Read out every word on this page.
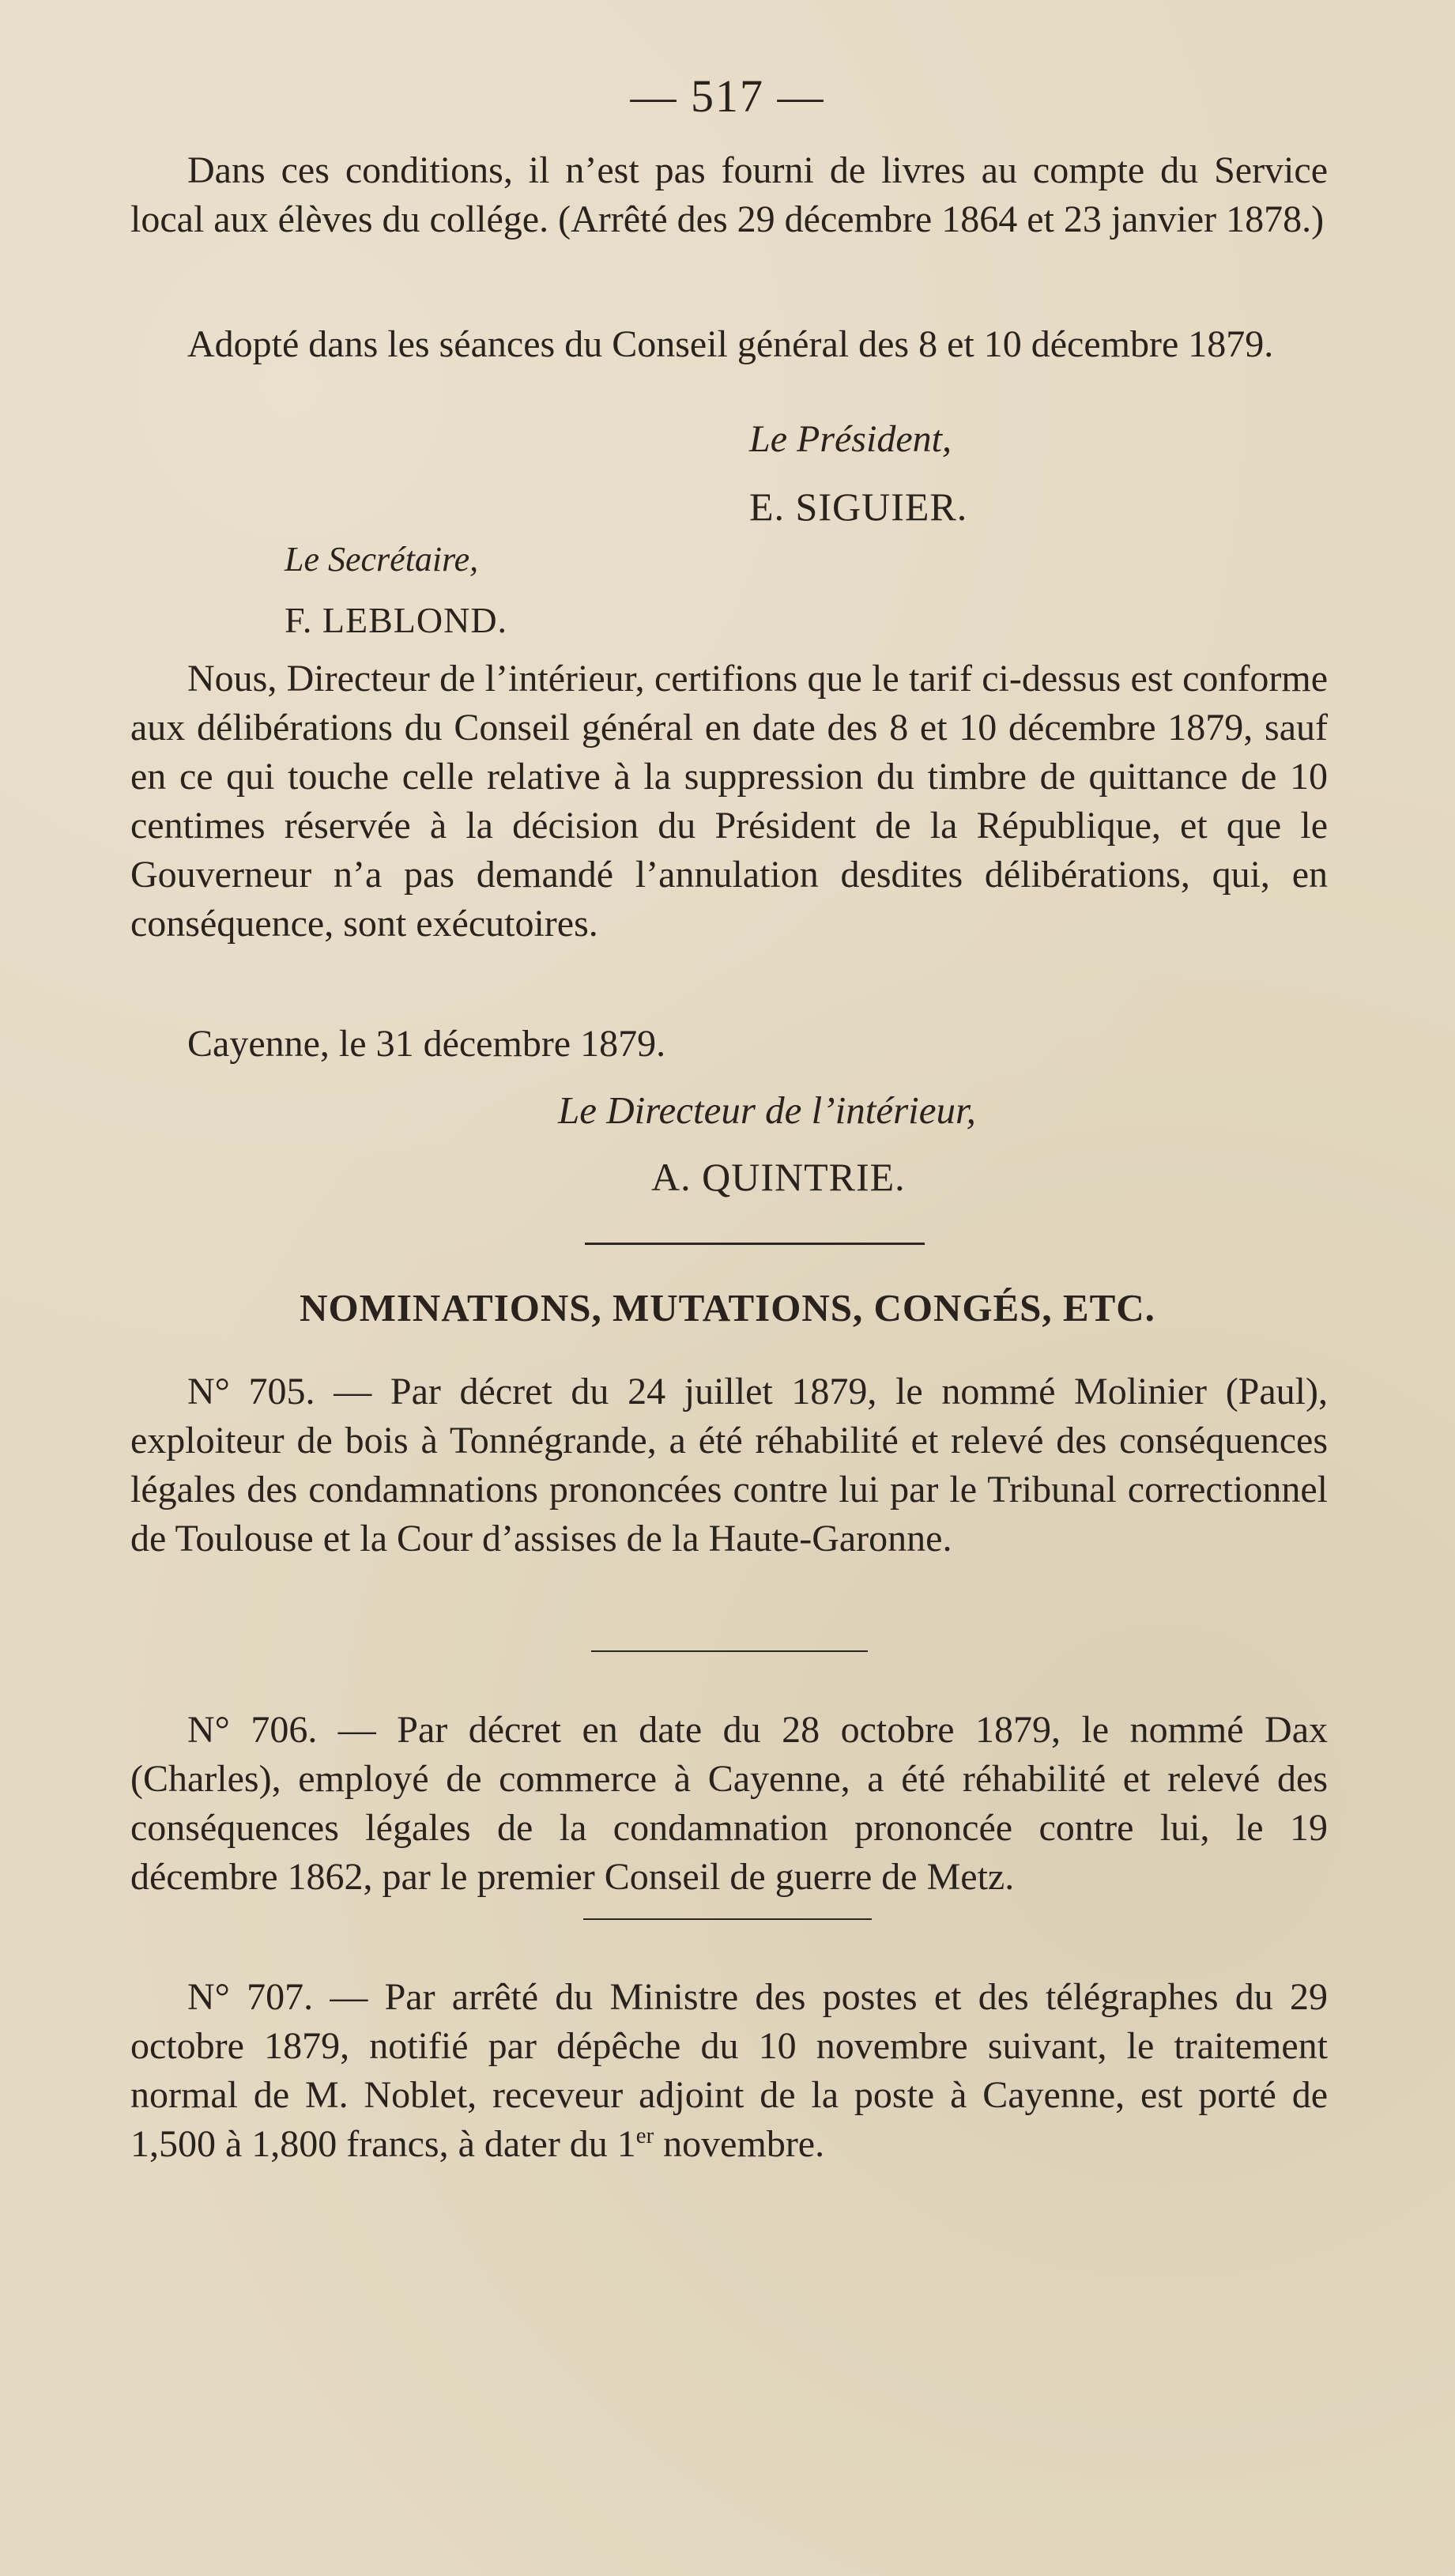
— 517 —

Dans ces conditions, il n’est pas fourni de livres au compte du Service local aux élèves du collége. (Arrêté des 29 décembre 1864 et 23 janvier 1878.)

Adopté dans les séances du Conseil général des 8 et 10 décembre 1879.

Le Président,
E. SIGUIER.
Le Secrétaire,
F. LEBLOND.

Nous, Directeur de l’intérieur, certifions que le tarif ci-dessus est conforme aux délibérations du Conseil général en date des 8 et 10 décembre 1879, sauf en ce qui touche celle relative à la suppression du timbre de quittance de 10 centimes réservée à la décision du Président de la République, et que le Gouverneur n’a pas demandé l’annulation desdites délibérations, qui, en conséquence, sont exécutoires.

Cayenne, le 31 décembre 1879.

Le Directeur de l’intérieur,
A. QUINTRIE.
NOMINATIONS, MUTATIONS, CONGÉS, ETC.

N° 705. — Par décret du 24 juillet 1879, le nommé Molinier (Paul), exploiteur de bois à Tonnégrande, a été réhabilité et relevé des conséquences légales des condamnations prononcées contre lui par le Tribunal correctionnel de Toulouse et la Cour d’assises de la Haute-Garonne.

N° 706. — Par décret en date du 28 octobre 1879, le nommé Dax (Charles), employé de commerce à Cayenne, a été réhabilité et relevé des conséquences légales de la condamnation prononcée contre lui, le 19 décembre 1862, par le premier Conseil de guerre de Metz.

N° 707. — Par arrêté du Ministre des postes et des télégraphes du 29 octobre 1879, notifié par dépêche du 10 novembre suivant, le traitement normal de M. Noblet, receveur adjoint de la poste à Cayenne, est porté de 1,500 à 1,800 francs, à dater du 1er novembre.
